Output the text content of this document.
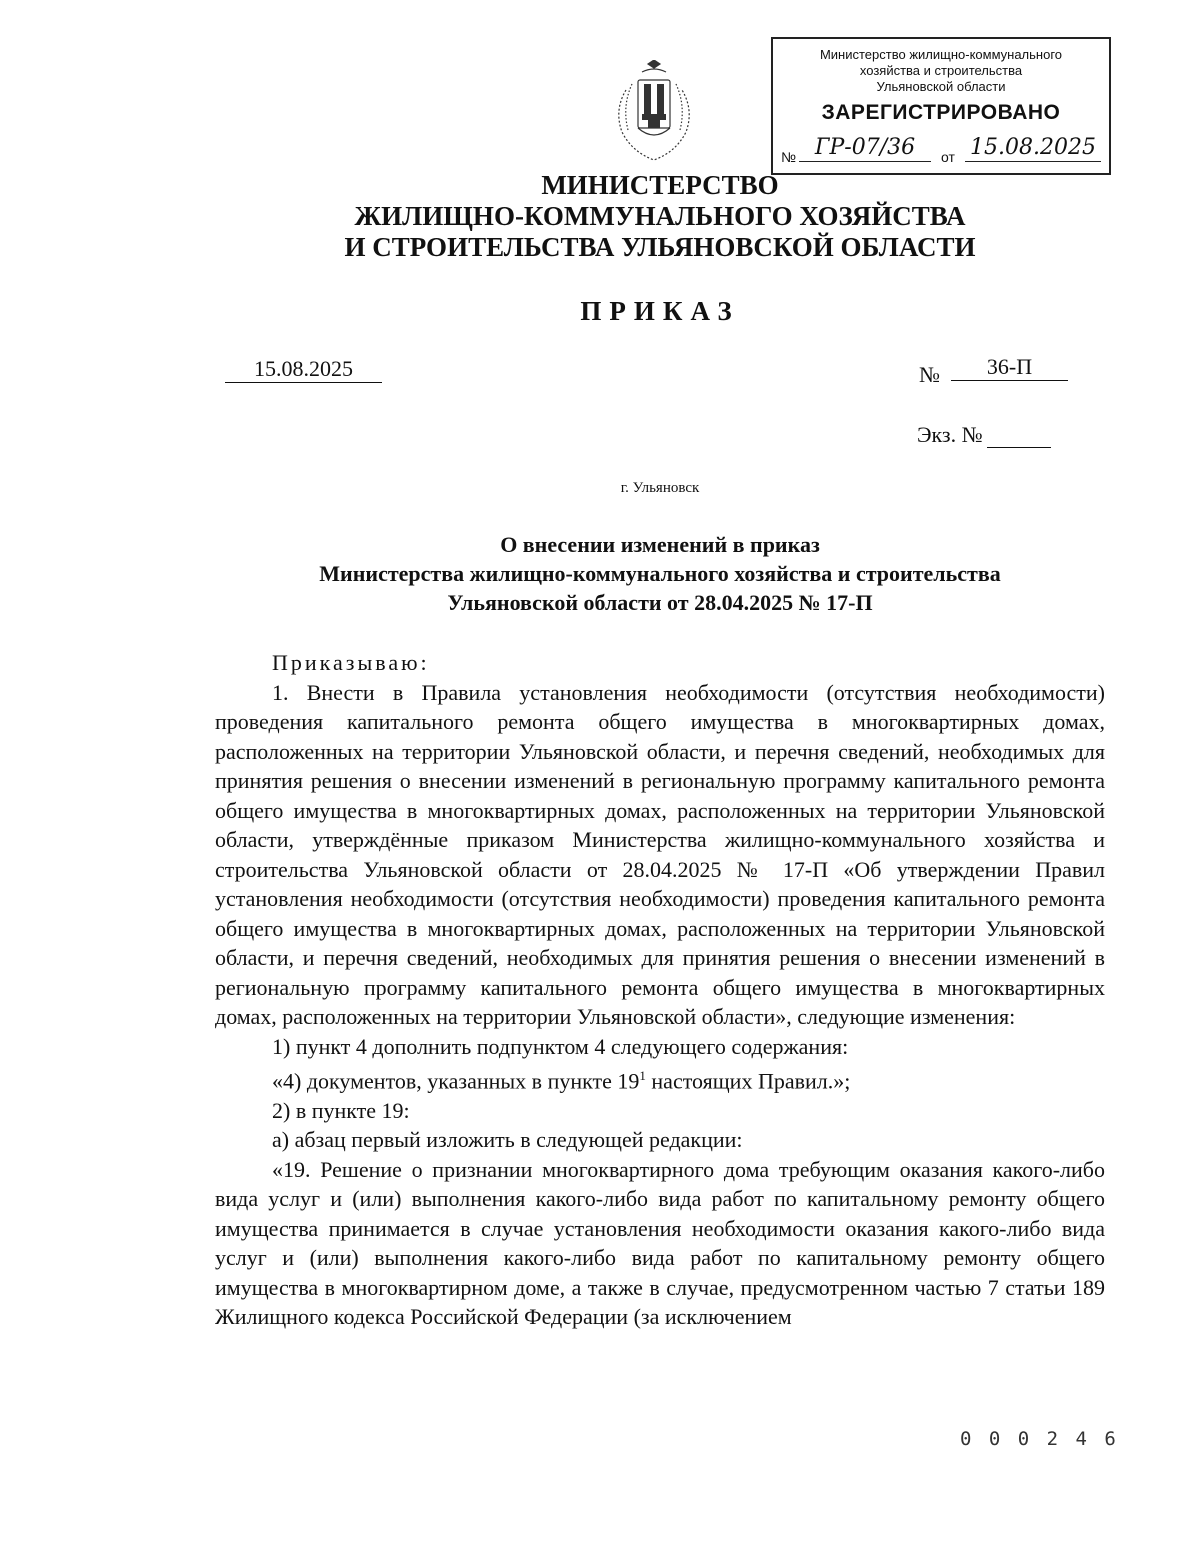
Министерство жилищно-коммунального
хозяйства и строительства
Ульяновской области
ЗАРЕГИСТРИРОВАНО
№ ГР-07/36	от 15.08.2025
МИНИСТЕРСТВО
ЖИЛИЩНО-КОММУНАЛЬНОГО ХОЗЯЙСТВА
И СТРОИТЕЛЬСТВА УЛЬЯНОВСКОЙ ОБЛАСТИ
ПРИКАЗ
15.08.2025	№	36-П
Экз. №
г. Ульяновск
О внесении изменений в приказ
Министерства жилищно-коммунального хозяйства и строительства
Ульяновской области от 28.04.2025 № 17-П

Приказываю:

1. Внести в Правила установления необходимости (отсутствия необходимости) проведения капитального ремонта общего имущества в многоквартирных домах, расположенных на территории Ульяновской области, и перечня сведений, необходимых для принятия решения о внесении изменений в региональную программу капитального ремонта общего имущества в многоквартирных домах, расположенных на территории Ульяновской области, утверждённые приказом Министерства жилищно-коммунального хозяйства и строительства Ульяновской области от 28.04.2025 № 17-П «Об утверждении Правил установления необходимости (отсутствия необходимости) проведения капитального ремонта общего имущества в многоквартирных домах, расположенных на территории Ульяновской области, и перечня сведений, необходимых для принятия решения о внесении изменений в региональную программу капитального ремонта общего имущества в многоквартирных домах, расположенных на территории Ульяновской области», следующие изменения:

1) пункт 4 дополнить подпунктом 4 следующего содержания:

«4) документов, указанных в пункте $19^1$ настоящих Правил.»;

2) в пункте 19:

а) абзац первый изложить в следующей редакции:

«19. Решение о признании многоквартирного дома требующим оказания какого-либо вида услуг и (или) выполнения какого-либо вида работ по капитальному ремонту общего имущества принимается в случае установления необходимости оказания какого-либо вида услуг и (или) выполнения какого-либо вида работ по капитальному ремонту общего имущества в многоквартирном доме, а также в случае, предусмотренном частью 7 статьи 189 Жилищного кодекса Российской Федерации (за исключением

0 0 0 2 4 6
